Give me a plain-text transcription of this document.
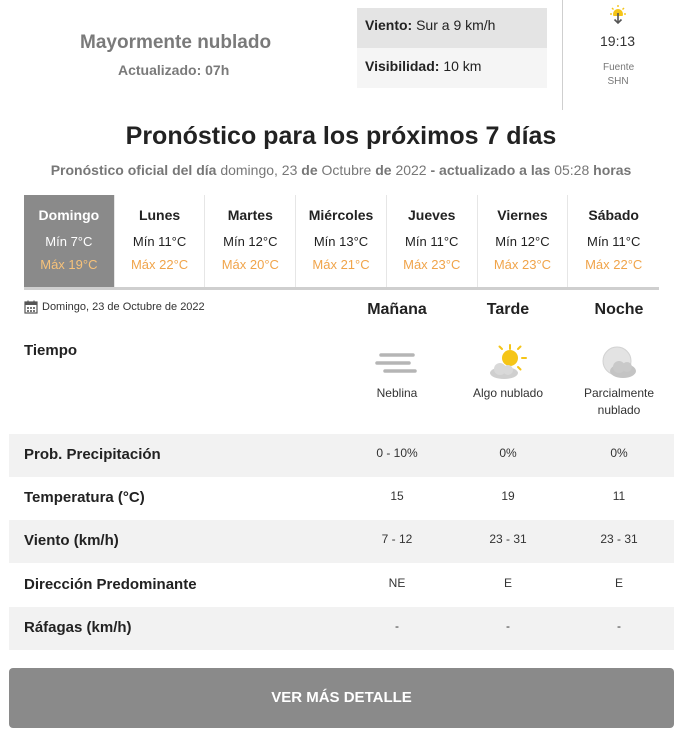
Mayormente nublado
Actualizado: 07h
Viento: Sur a 9 km/h
Visibilidad: 10 km
19:13
Fuente
SHN
Pronóstico para los próximos 7 días
Pronóstico oficial del día domingo, 23 de Octubre de 2022 - actualizado a las 05:28 horas
Domingo
Mín 7°C
Máx 19°C
Lunes
Mín 11°C
Máx 22°C
Martes
Mín 12°C
Máx 20°C
Miércoles
Mín 13°C
Máx 21°C
Jueves
Mín 11°C
Máx 23°C
Viernes
Mín 12°C
Máx 23°C
Sábado
Mín 11°C
Máx 22°C
Domingo, 23 de Octubre de 2022	Mañana	Tarde	Noche
Tiempo
Neblina	Algo nublado	Parcialmente nublado
Prob. Precipitación	0 - 10%	0%	0%
Temperatura (°C)	15	19	11
Viento (km/h)	7 - 12	23 - 31	23 - 31
Dirección Predominante	NE	E	E
Ráfagas (km/h)	-	-	-
VER MÁS DETALLE
